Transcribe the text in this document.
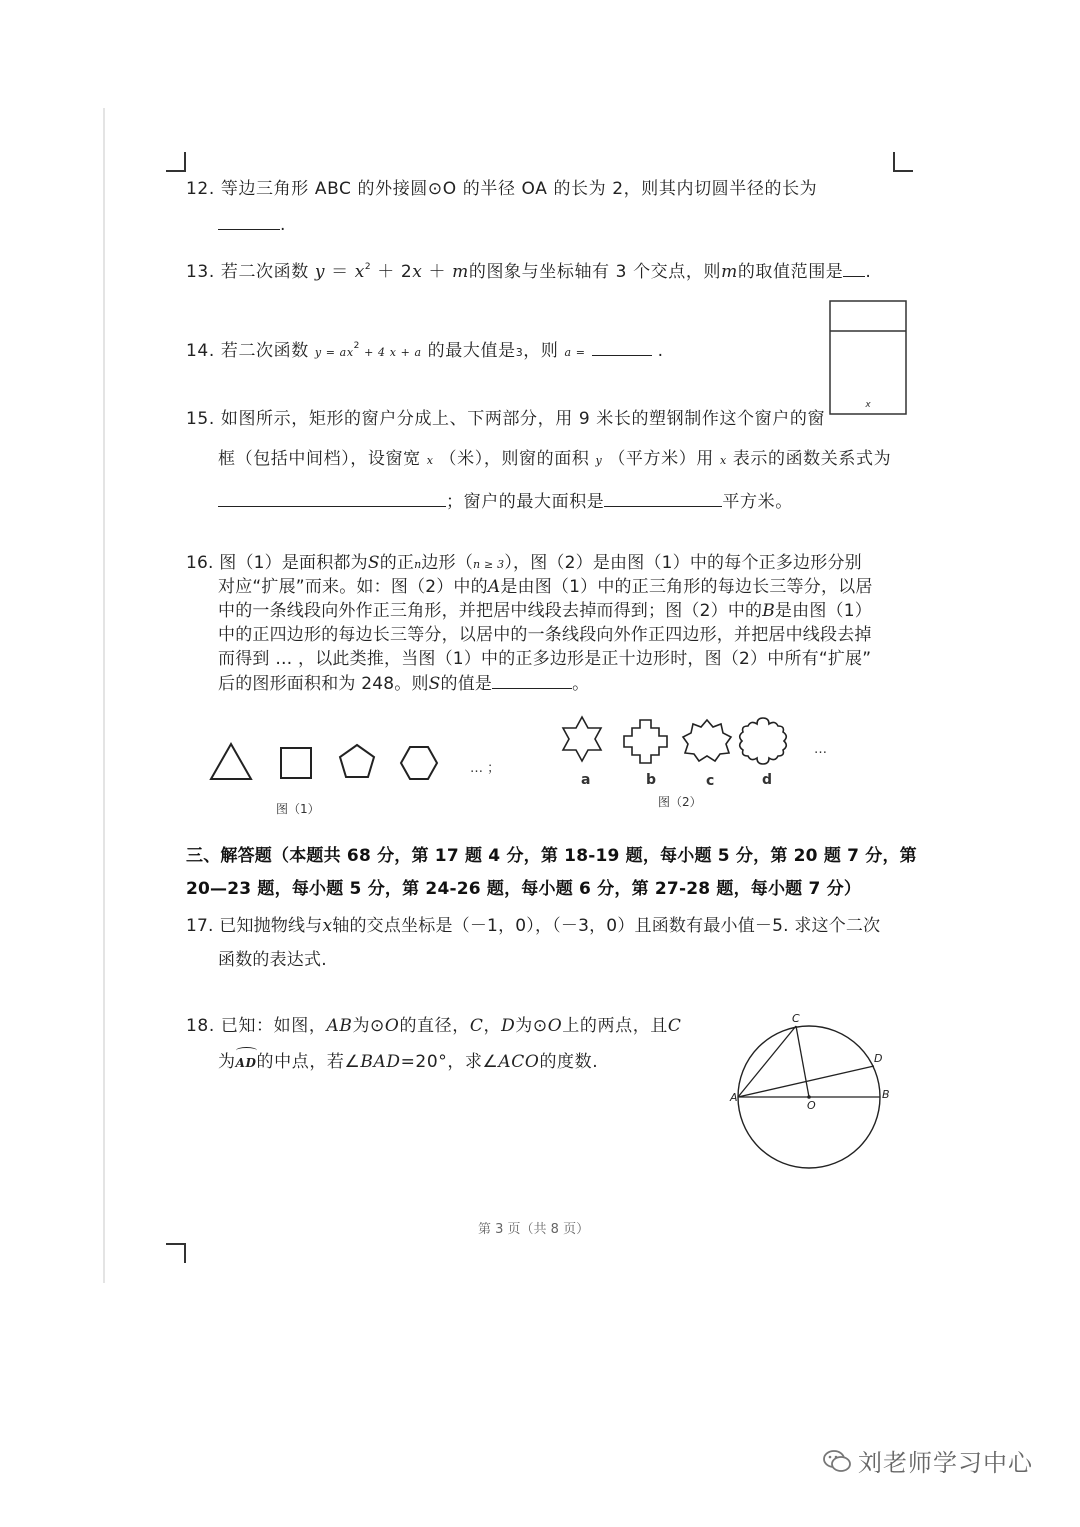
12. 等边三角形 ABC 的外接圆⊙O 的半径 OA 的长为 2，则其内切圆半径的长为
.
13. 若二次函数 $y = x^2 + 2x + m$的图象与坐标轴有 3 个交点，则m的取值范围是 .
x
14. 若二次函数 $y = ax^2 + 4$ x + a 的最大值是3，则 a =	.
15. 如图所示，矩形的窗户分成上、下两部分，用 9 米长的塑钢制作这个窗户的窗
框（包括中间档），设窗宽 x （米），则窗的面积 y （平方米）用 x 表示的函数关系式为
；窗户的最大面积是	平方米。
16. 图（1）是面积都为S的正n边形（n ≥ 3），图（2）是由图（1）中的每个正多边形分别
对应“扩展”而来。如：图（2）中的A是由图（1）中的正三角形的每边长三等分，以居
中的一条线段向外作正三角形，并把居中线段去掉而得到；图（2）中的B是由图（1）
中的正四边形的每边长三等分，以居中的一条线段向外作正四边形，并把居中线段去掉
而得到 … ，以此类推，当图（1）中的正多边形是正十边形时，图（2）中所有“扩展”
后的图形面积和为 248。则S的值是	。
… ；
图（1）
a	b	c	d
…
图（2）
三、解答题（本题共 68 分，第 17 题 4 分，第 18-19 题，每小题 5 分，第 20 题 7 分，第
20—23 题，每小题 5 分，第 24-26 题，每小题 6 分，第 27-28 题，每小题 7 分）
17. 已知抛物线与x轴的交点坐标是（－1，0），（－3，0）且函数有最小值－5. 求这个二次
函数的表达式.
18. 已知：如图，AB为⊙O的直径，C，D为⊙O上的两点，且C
为
AD的中点，若∠BAD=20°，求∠ACO的度数.
A	B
C
D
O
第 3 页（共 8 页）
刘老师学习中心
